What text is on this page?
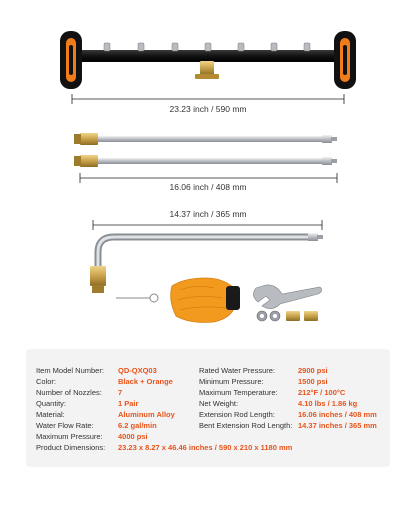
23.23 inch / 590 mm
16.06 inch / 408 mm
14.37 inch / 365 mm
Item Model Number: QD-QXQ03
Color:	Black + Orange
Number of Nozzles: 7
Quantity:	1 Pair
Material:	Aluminum Alloy
Water Flow Rate:	6.2 gal/min
Maximum Pressure: 4000 psi
Rated Water Pressure:	2900 psi
Minimum Pressure:	1500 psi
Maximum Temperature:	212°F / 100°C
Net Weight:	4.10 lbs / 1.86 kg
Extension Rod Length:	16.06 inches / 408 mm
Bent Extension Rod Length: 14.37 inches / 365 mm
Product Dimensions: 23.23 x 8.27 x 46.46 inches / 590 x 210 x 1180 mm
